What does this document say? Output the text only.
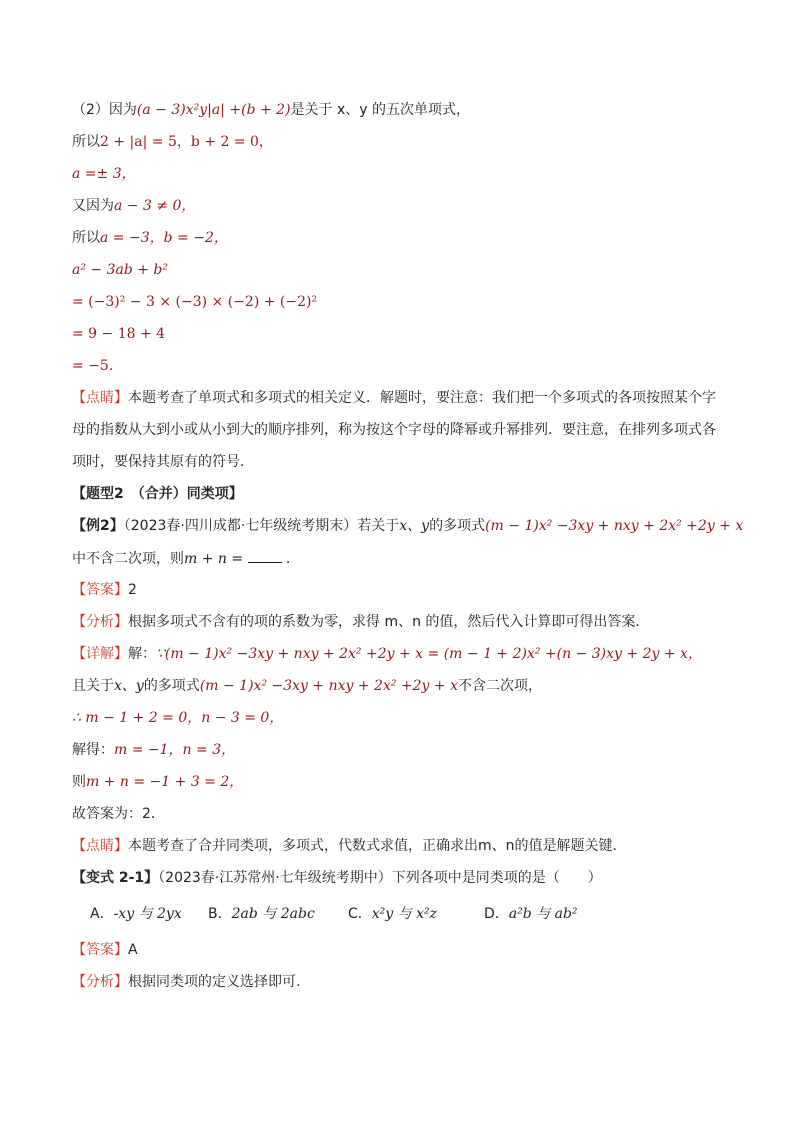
（2）因为(a − 3)x²y|a| +(b + 2)是关于 x、y 的五次单项式，
所以2 + |a| = 5，b + 2 = 0，
a =± 3，
又因为a − 3 ≠ 0，
所以a = −3，b = −2，
a² − 3ab + b²
= (−3)² − 3 × (−3) × (−2) + (−2)²
= 9 − 18 + 4
= −5．
【点睛】本题考查了单项式和多项式的相关定义．解题时，要注意：我们把一个多项式的各项按照某个字
母的指数从大到小或从小到大的顺序排列，称为按这个字母的降幂或升幂排列．要注意，在排列多项式各
项时，要保持其原有的符号．
【题型2　（合并）同类项】
【例2】（2023春·四川成都·七年级统考期末）若关于x、y的多项式(m − 1)x² −3xy + nxy + 2x² +2y + x
中不含二次项，则m + n =	．
【答案】2
【分析】根据多项式不含有的项的系数为零，求得 m、n 的值，然后代入计算即可得出答案．
【详解】解：∵(m − 1)x² −3xy + nxy + 2x² +2y + x = (m − 1 + 2)x² +(n − 3)xy + 2y + x，
且关于x、y的多项式(m − 1)x² −3xy + nxy + 2x² +2y + x不含二次项，
∴ m − 1 + 2 = 0，n − 3 = 0，
解得：m = −1，n = 3，
则m + n = −1 + 3 = 2，
故答案为：2．
【点睛】本题考查了合并同类项，多项式，代数式求值，正确求出m、n的值是解题关键．
【变式 2-1】（2023春·江苏常州·七年级统考期中）下列各项中是同类项的是（　　）
A．-xy 与 2yx B．2ab 与 2abc C．x²y 与 x²z	D．a²b 与 ab²
【答案】A
【分析】根据同类项的定义选择即可.
